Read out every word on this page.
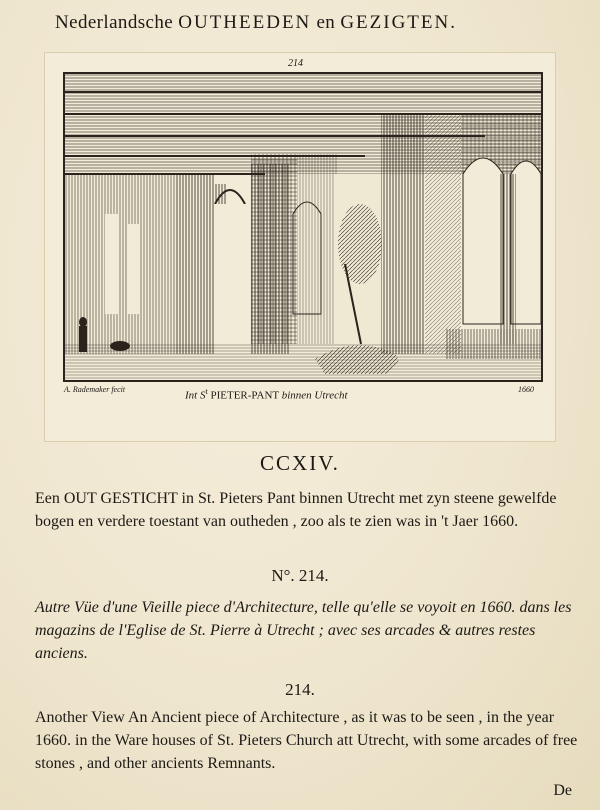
Nederlandsche OUTHEEDEN en GEZIGTEN.
214
A. Rademaker fecit	1660
Int $S^t$ PIETER-PANT binnen Utrecht
CCXIV.
Een OUT GESTICHT in St. Pieters Pant binnen Utrecht met zyn steene gewelfde bogen en verdere toestant van outheden , zoo als te zien was in 't Jaer 1660.
N°. 214.
Autre Vüe d'une Vieille piece d'Architecture, telle qu'elle se voyoit en 1660. dans les magazins de l'Eglise de St. Pierre à Utrecht ; avec ses arcades & autres restes anciens.
214.
Another View An Ancient piece of Architecture , as it was to be seen , in the year 1660. in the Ware houses of St. Pieters Church att Utrecht, with some arcades of free stones , and other ancients Remnants.
De
